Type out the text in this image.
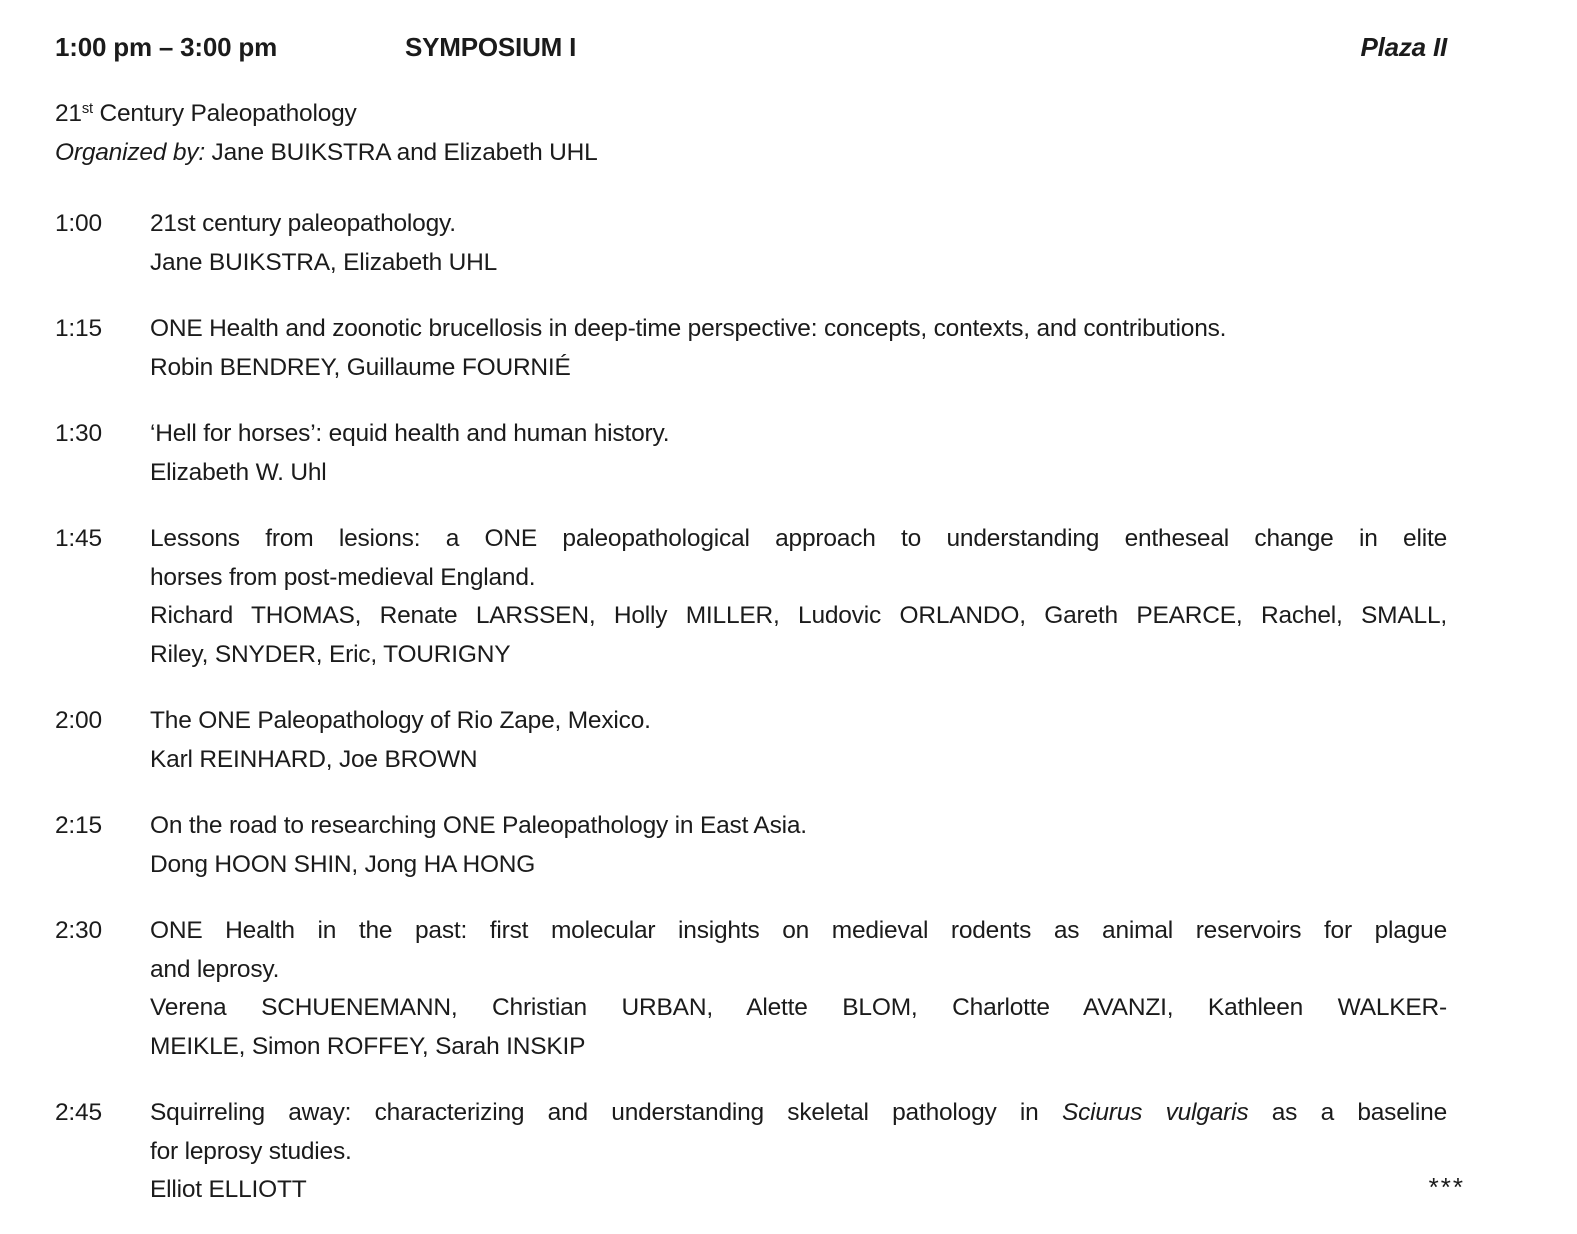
1:00 pm – 3:00 pm	SYMPOSIUM I	Plaza II
21st Century Paleopathology
Organized by: Jane BUIKSTRA and Elizabeth UHL
1:00	21st century paleopathology.
Jane BUIKSTRA, Elizabeth UHL
1:15	ONE Health and zoonotic brucellosis in deep-time perspective: concepts, contexts, and contributions.
Robin BENDREY, Guillaume FOURNIÉ
1:30	‘Hell for horses’: equid health and human history.
Elizabeth W. Uhl
1:45	Lessons from lesions: a ONE paleopathological approach to understanding entheseal change in elite
horses from post-medieval England.
Richard THOMAS, Renate LARSSEN, Holly MILLER, Ludovic ORLANDO, Gareth PEARCE, Rachel, SMALL,
Riley, SNYDER, Eric, TOURIGNY
2:00	The ONE Paleopathology of Rio Zape, Mexico.
Karl REINHARD, Joe BROWN
2:15	On the road to researching ONE Paleopathology in East Asia.
Dong HOON SHIN, Jong HA HONG
2:30	ONE Health in the past: first molecular insights on medieval rodents as animal reservoirs for plague
and leprosy.
Verena SCHUENEMANN, Christian URBAN, Alette BLOM, Charlotte AVANZI, Kathleen WALKER-
MEIKLE, Simon ROFFEY, Sarah INSKIP
2:45	Squirreling away: characterizing and understanding skeletal pathology in Sciurus vulgaris as a baseline
for leprosy studies.
Elliot ELLIOTT	***
